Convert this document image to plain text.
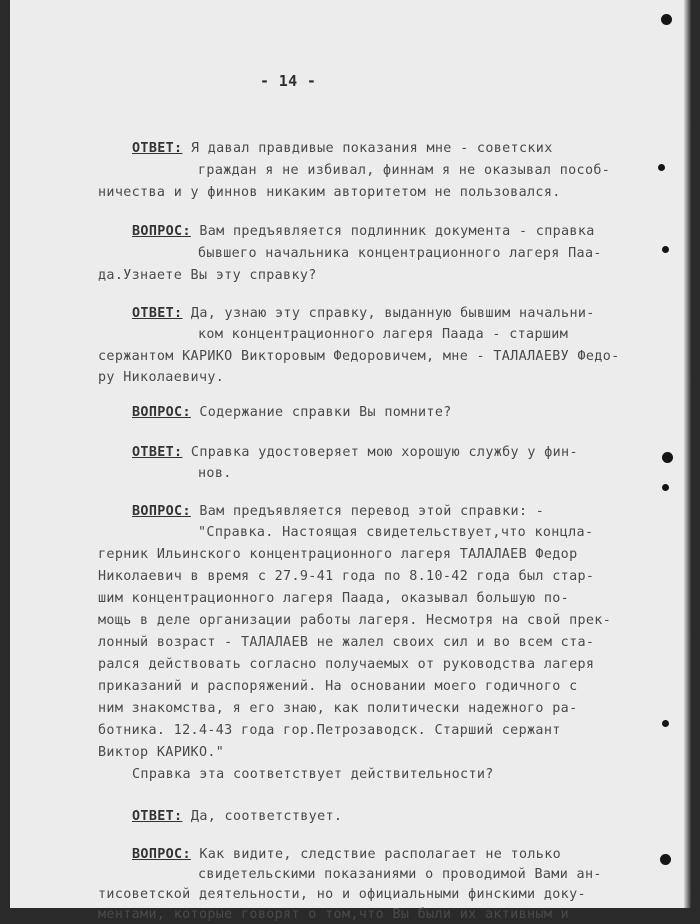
- 14 -
ОТВЕТ: Я давал правдивые показания мне - советских
граждан я не избивал, финнам я не оказывал пособ-
ничества и у финнов никаким авторитетом не пользовался.
ВОПРОС: Вам предъявляется подлинник документа - справка
бывшего начальника концентрационного лагеря Паа-
да.Узнаете Вы эту справку?
ОТВЕТ: Да, узнаю эту справку, выданную бывшим начальни-
ком концентрационного лагеря Паада - старшим
сержантом КАРИКО Викторовым Федоровичем, мне - ТАЛАЛАЕВУ Федо-
ру Николаевичу.
ВОПРОС: Содержание справки Вы помните?
ОТВЕТ: Справка удостоверяет мою хорошую службу у фин-
нов.
ВОПРОС: Вам предъявляется перевод этой справки: -
"Справка. Настоящая свидетельствует,что концла-
герник Ильинского концентрационного лагеря ТАЛАЛАЕВ Федор
Николаевич в время с 27.9-41 года по 8.10-42 года был стар-
шим концентрационного лагеря Паада, оказывал большую по-
мощь в деле организации работы лагеря. Несмотря на свой прек-
лонный возраст - ТАЛАЛАЕВ не жалел своих сил и во всем ста-
рался действовать согласно получаемых от руководства лагеря
приказаний и распоряжений. На основании моего годичного с
ним знакомства, я его знаю, как политически надежного ра-
ботника. 12.4-43 года гор.Петрозаводск. Старший сержант
Виктор КАРИКО."
Справка эта соответствует действительности?
ОТВЕТ: Да, соответствует.
ВОПРОС: Как видите, следствие располагает не только
свидетельскими показаниями о проводимой Вами ан-
тисоветской деятельности, но и официальными финскими доку-
ментами, которые говорят о том,что Вы были их активным и
